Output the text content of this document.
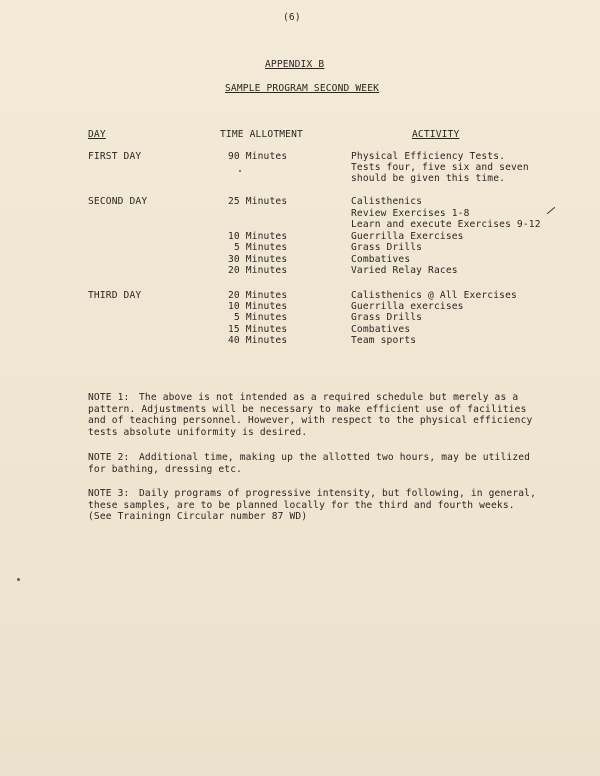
(6)
APPENDIX B
SAMPLE PROGRAM SECOND WEEK
DAY	TIME ALLOTMENT	ACTIVITY
FIRST DAY	90 Minutes	Physical Efficiency Tests.
Tests four, five six and seven
should be given this time.
SECOND DAY	25 Minutes	Calisthenics
Review Exercises 1-8
Learn and execute Exercises 9-12
10 Minutes	Guerrilla Exercises
5 Minutes	Grass Drills
30 Minutes	Combatives
20 Minutes	Varied Relay Races
THIRD DAY	20 Minutes	Calisthenics @ All Exercises
10 Minutes	Guerrilla exercises
5 Minutes	Grass Drills
15 Minutes	Combatives
40 Minutes	Team sports
NOTE 1: The above is not intended as a required schedule but merely as a
pattern. Adjustments will be necessary to make efficient use of facilities
and of teaching personnel. However, with respect to the physical efficiency
tests absolute uniformity is desired.
NOTE 2: Additional time, making up the allotted two hours, may be utilized
for bathing, dressing etc.
NOTE 3: Daily programs of progressive intensity, but following, in general,
these samples, are to be planned locally for the third and fourth weeks.
(See Trainingn Circular number 87 WD)
